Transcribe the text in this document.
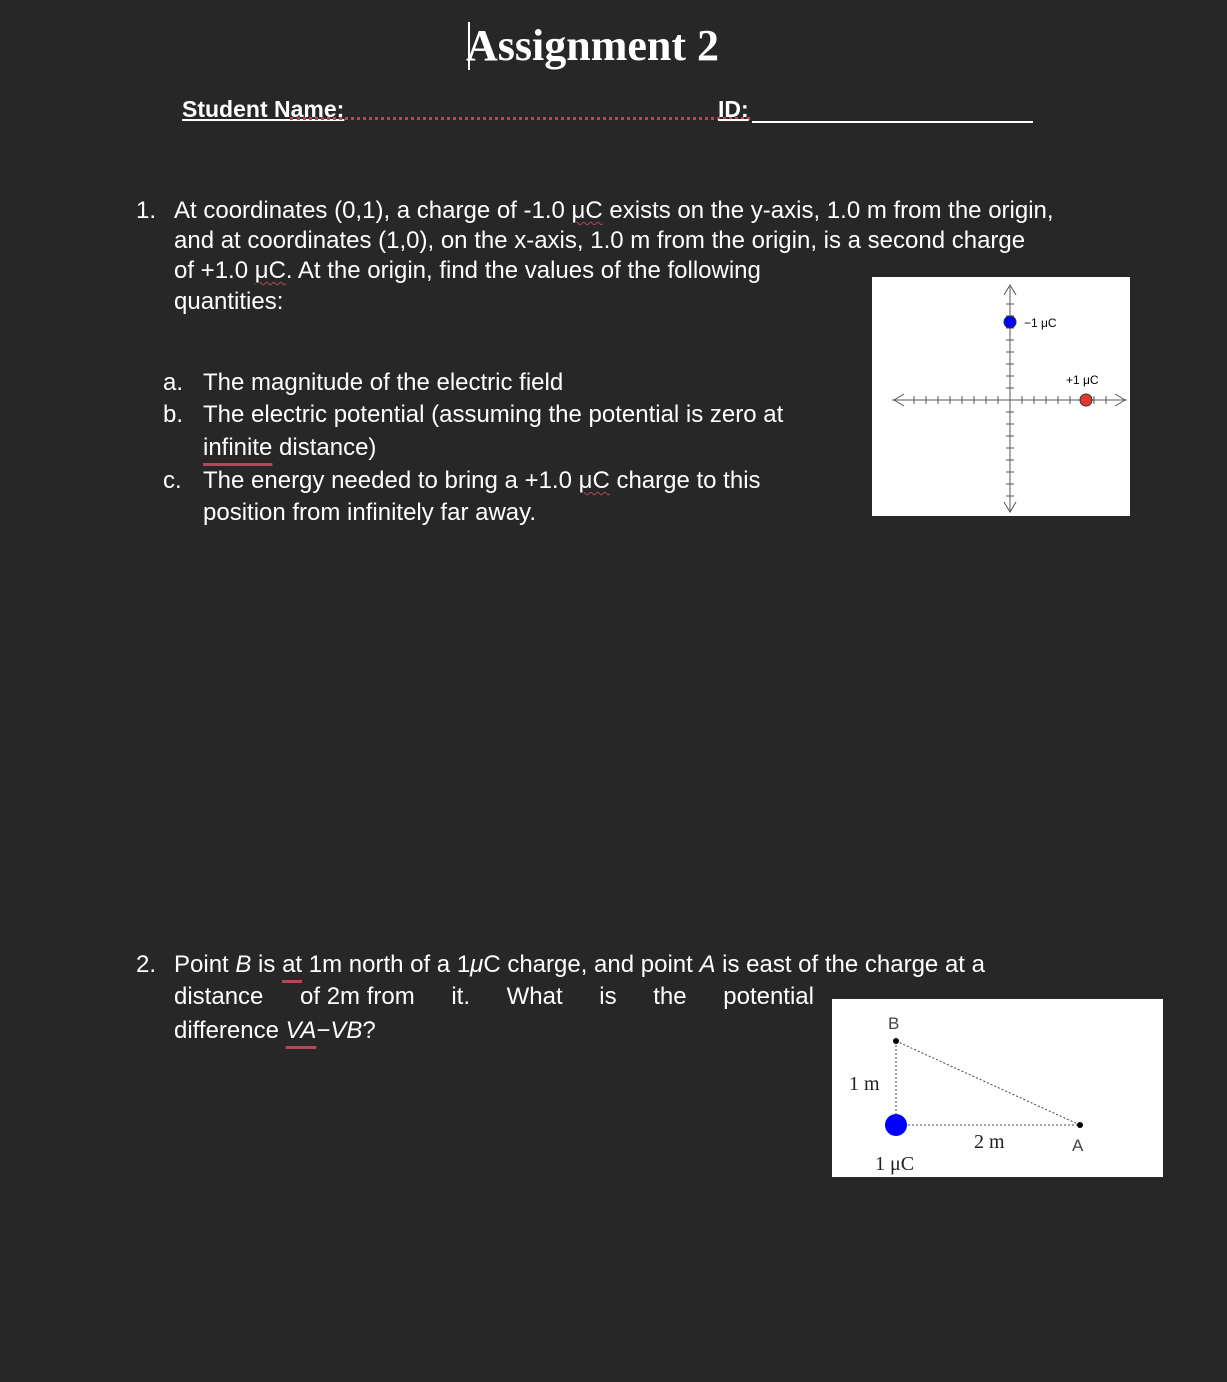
Assignment 2
Student Name:	ID:
1. At coordinates (0,1), a charge of -1.0 μC exists on the y-axis, 1.0 m from the origin,
and at coordinates (1,0), on the x-axis, 1.0 m from the origin, is a second charge
of +1.0 μC. At the origin, find the values of the following
quantities:
a. The magnitude of the electric field
b. The electric potential (assuming the potential is zero at
infinite distance)
c. The energy needed to bring a +1.0 μC charge to this
position from infinitely far away.
−1 μC
+1 μC
2. Point B is at 1m north of a 1μC charge, and point A is east of the charge at a
distance of 2m from it. What is the potential
difference VA−VB?	B
A
1 m
2 m
1 μC
